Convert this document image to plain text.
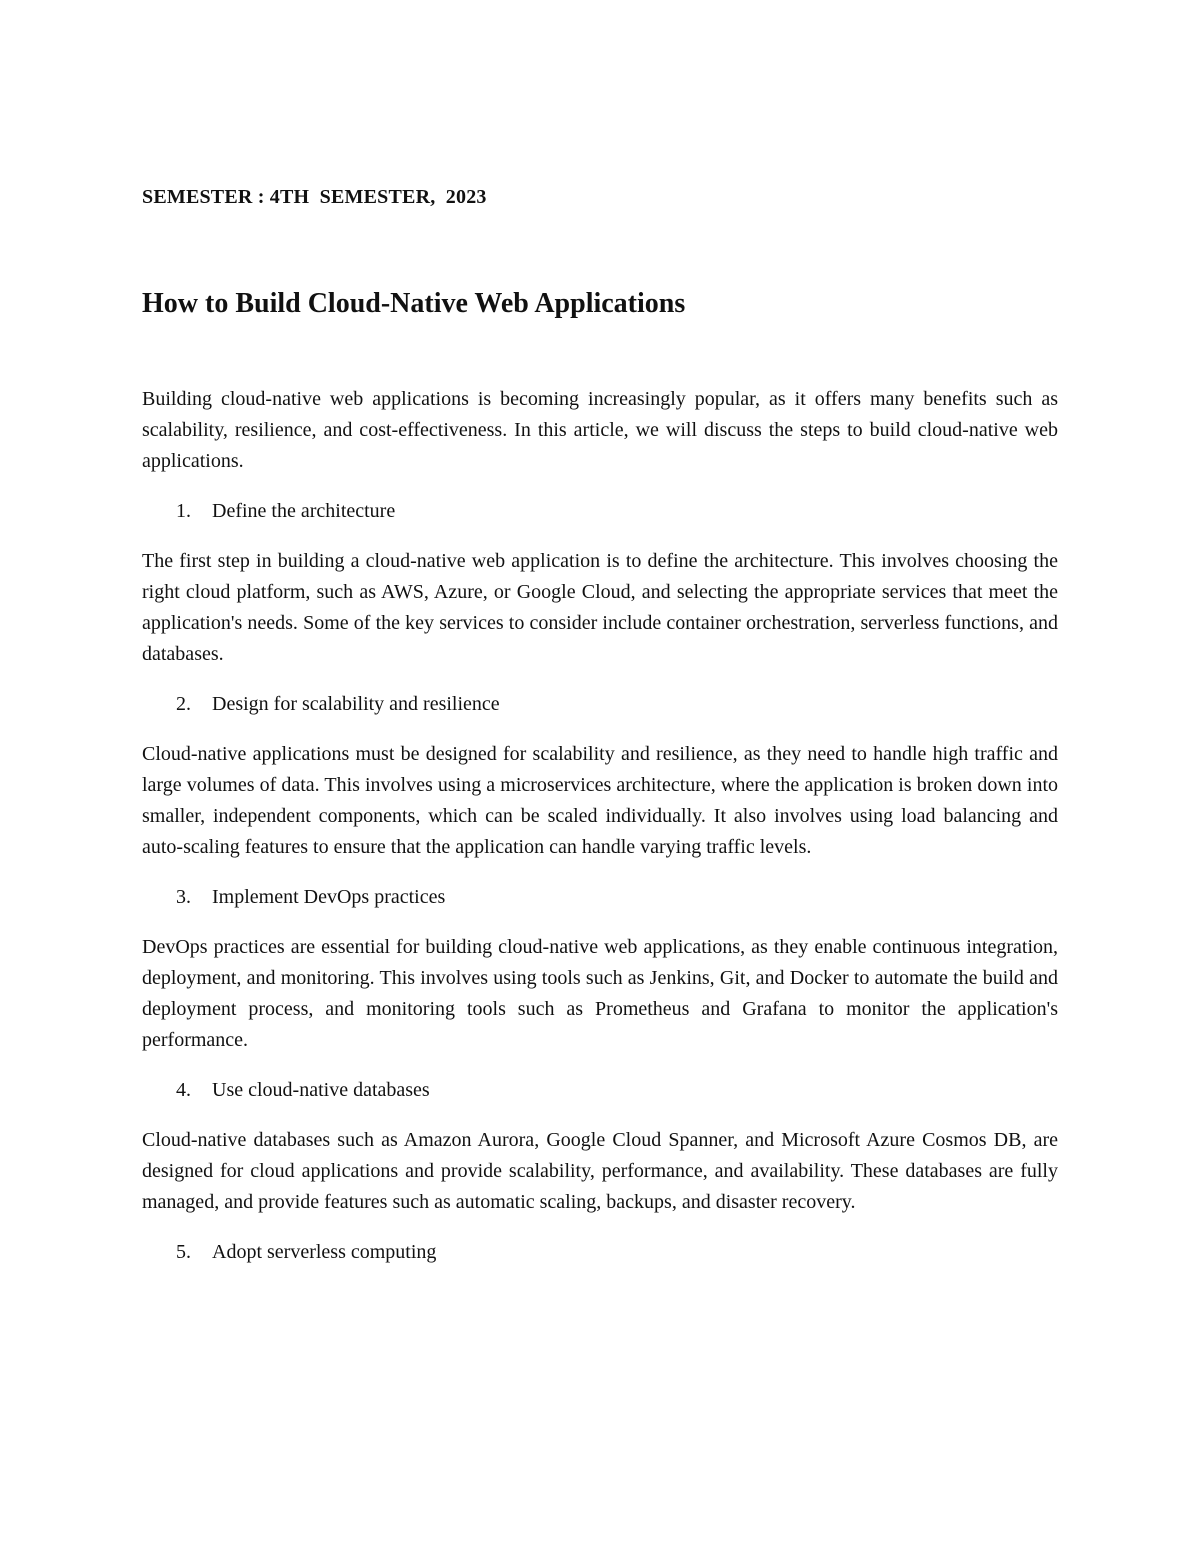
SEMESTER : 4TH  SEMESTER,  2023

How to Build Cloud-Native Web Applications

Building cloud-native web applications is becoming increasingly popular, as it offers many benefits such as scalability, resilience, and cost-effectiveness. In this article, we will discuss the steps to build cloud-native web applications.

1.	Define the architecture

The first step in building a cloud-native web application is to define the architecture. This involves choosing the right cloud platform, such as AWS, Azure, or Google Cloud, and selecting the appropriate services that meet the application's needs. Some of the key services to consider include container orchestration, serverless functions, and databases.

2.	Design for scalability and resilience

Cloud-native applications must be designed for scalability and resilience, as they need to handle high traffic and large volumes of data. This involves using a microservices architecture, where the application is broken down into smaller, independent components, which can be scaled individually. It also involves using load balancing and auto-scaling features to ensure that the application can handle varying traffic levels.

3.	Implement DevOps practices

DevOps practices are essential for building cloud-native web applications, as they enable continuous integration, deployment, and monitoring. This involves using tools such as Jenkins, Git, and Docker to automate the build and deployment process, and monitoring tools such as Prometheus and Grafana to monitor the application's performance.

4.	Use cloud-native databases

Cloud-native databases such as Amazon Aurora, Google Cloud Spanner, and Microsoft Azure Cosmos DB, are designed for cloud applications and provide scalability, performance, and availability. These databases are fully managed, and provide features such as automatic scaling, backups, and disaster recovery.

5.	Adopt serverless computing
